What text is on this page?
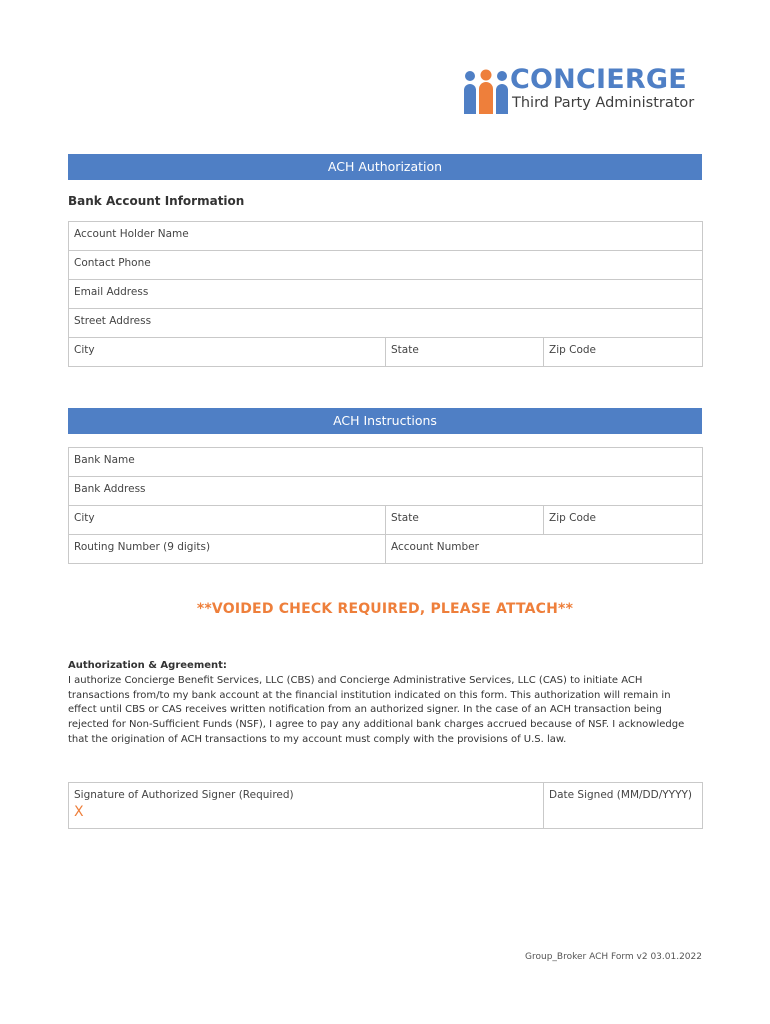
CONCIERGE
Third Party Administrator
ACH Authorization
Bank Account Information
Account Holder Name
Contact Phone
Email Address
Street Address
City	State	Zip Code
ACH Instructions
Bank Name
Bank Address
City	State	Zip Code
Routing Number (9 digits)	Account Number
**VOIDED CHECK REQUIRED, PLEASE ATTACH**
Authorization & Agreement:
I authorize Concierge Benefit Services, LLC (CBS) and Concierge Administrative Services, LLC (CAS) to initiate ACH transactions from/to my bank account at the financial institution indicated on this form. This authorization will remain in effect until CBS or CAS receives written notification from an authorized signer. In the case of an ACH transaction being rejected for Non-Sufficient Funds (NSF), I agree to pay any additional bank charges accrued because of NSF. I acknowledge that the origination of ACH transactions to my account must comply with the provisions of U.S. law.
Signature of Authorized Signer (Required)
X
Date Signed (MM/DD/YYYY)
Group_Broker ACH Form v2 03.01.2022
